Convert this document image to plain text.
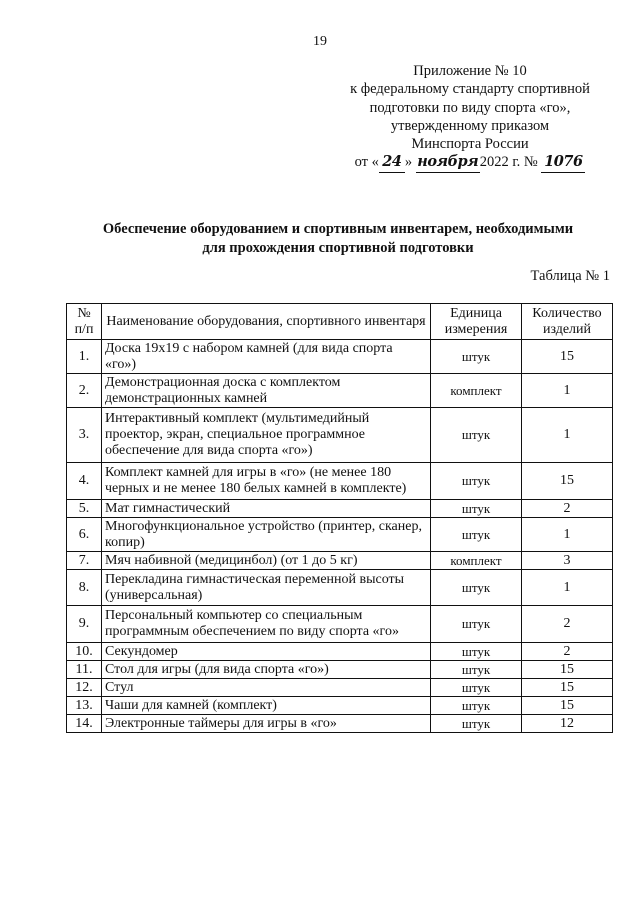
19
Приложение № 10
к федеральному стандарту спортивной
подготовки по виду спорта «го»,
утвержденному приказом
Минспорта России
от « 24 » ноября 2022 г. № 1076
Обеспечение оборудованием и спортивным инвентарем, необходимыми
для прохождения спортивной подготовки
Таблица № 1
№ п/п	Наименование оборудования, спортивного инвентаря	Единица измерения	Количество изделий
1.	Доска 19х19 с набором камней (для вида спорта «го»)	штук	15
2.	Демонстрационная доска с комплектом демонстрационных камней	комплект	1
3.	Интерактивный комплект (мультимедийный проектор, экран, специальное программное обеспечение для вида спорта «го»)	штук	1
4.	Комплект камней для игры в «го» (не менее 180 черных и не менее 180 белых камней в комплекте)	штук	15
5.	Мат гимнастический	штук	2
6.	Многофункциональное устройство (принтер, сканер, копир)	штук	1
7.	Мяч набивной (медицинбол) (от 1 до 5 кг)	комплект	3
8.	Перекладина гимнастическая переменной высоты (универсальная)	штук	1
9.	Персональный компьютер со специальным программным обеспечением по виду спорта «го»	штук	2
10.	Секундомер	штук	2
11.	Стол для игры (для вида спорта «го»)	штук	15
12.	Стул	штук	15
13.	Чаши для камней (комплект)	штук	15
14.	Электронные таймеры для игры в «го»	штук	12
